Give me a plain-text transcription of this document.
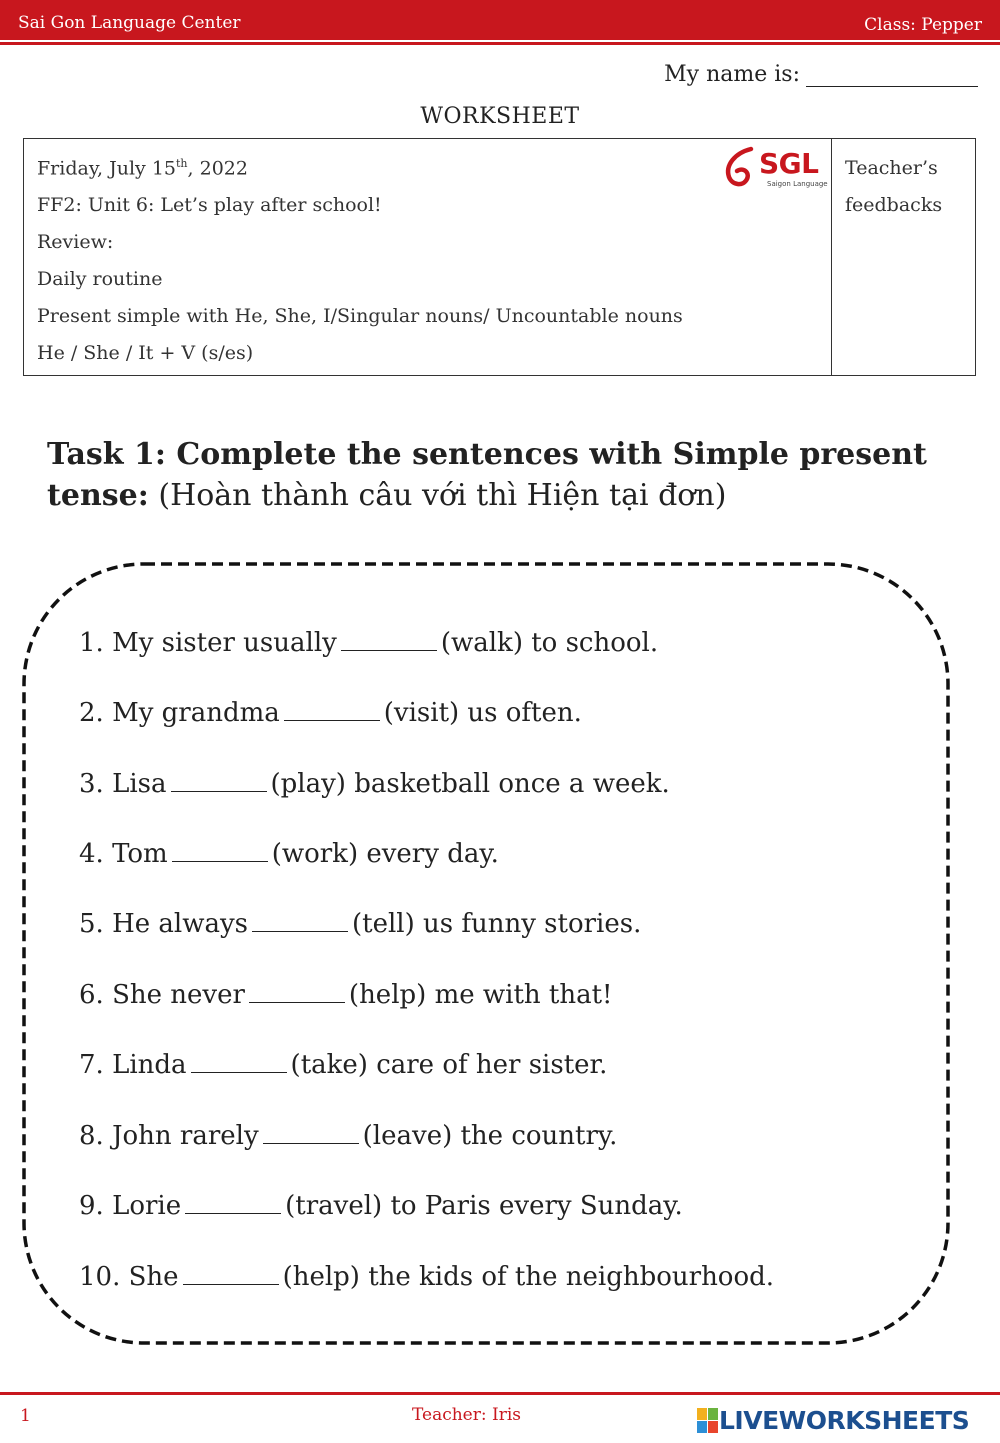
Sai Gon Language Center	Class: Pepper
My name is:
WORKSHEET
Friday, July 15th, 2022
FF2: Unit 6: Let’s play after school!
Review:
Daily routine
Present simple with He, She, I/Singular nouns/ Uncountable nouns
He / She / It + V (s/es)
SGL
Saigon Language
Teacher’s
feedbacks
Task 1: Complete the sentences with Simple present tense: (Hoàn thành câu với thì Hiện tại đơn)
1. My sister usually	(walk) to school.
2. My grandma	(visit) us often.
3. Lisa	(play) basketball once a week.
4. Tom	(work) every day.
5. He always	(tell) us funny stories.
6. She never	(help) me with that!
7. Linda	(take) care of her sister.
8. John rarely	(leave) the country.
9. Lorie	(travel) to Paris every Sunday.
10. She	(help) the kids of the neighbourhood.
1	Teacher: Iris	LIVEWORKSHEETS
